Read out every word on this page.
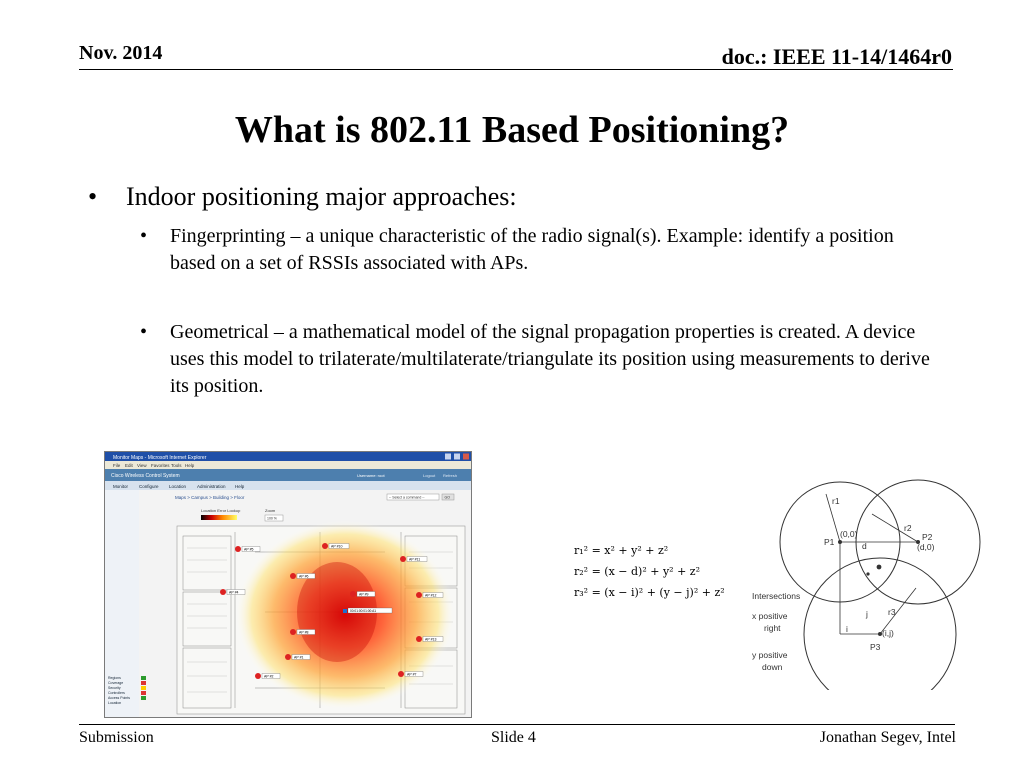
Nov. 2014	doc.: IEEE 11-14/1464r0
What is 802.11 Based Positioning?
• Indoor positioning major approaches:
• Fingerprinting – a unique characteristic of the radio signal(s). Example: identify a position based on a set of RSSIs associated with APs.
• Geometrical – a mathematical model of the signal propagation properties is created. A device uses this model to trilaterate/multilaterate/triangulate its position using measurements to derive its position.
Monitor Maps - Microsoft Internet Explorer
File Edit View Favorites Tools Help
Cisco Wireless Control System	Username: root	Logout Refresh
Monitor Configure Location Administration Help
Maps > Campus > Building > Floor	-- Select a command --	GO
Location Error Lookup	Zoom
100 %
Regions
Coverage
Security
Controllers
Access Points
Location
AP #5
AP #10
AP #11
AP #6
AP #4	AP #9	AP #12
AP #8
AP #13
AP #1
AP #7
AP #2
00:01:00:01:00:A1
r₁² = x² + y² + z²
r₂² = (x − d)² + y² + z²
r₃² = (x − i)² + (y − j)² + z²
r1
r2
r3
P1	P2
P3
(0,0)
(d,0)
(i,j)
d
i
j
Intersections
x positive
right
y positive
down
Submission	Slide 4	Jonathan Segev, Intel
